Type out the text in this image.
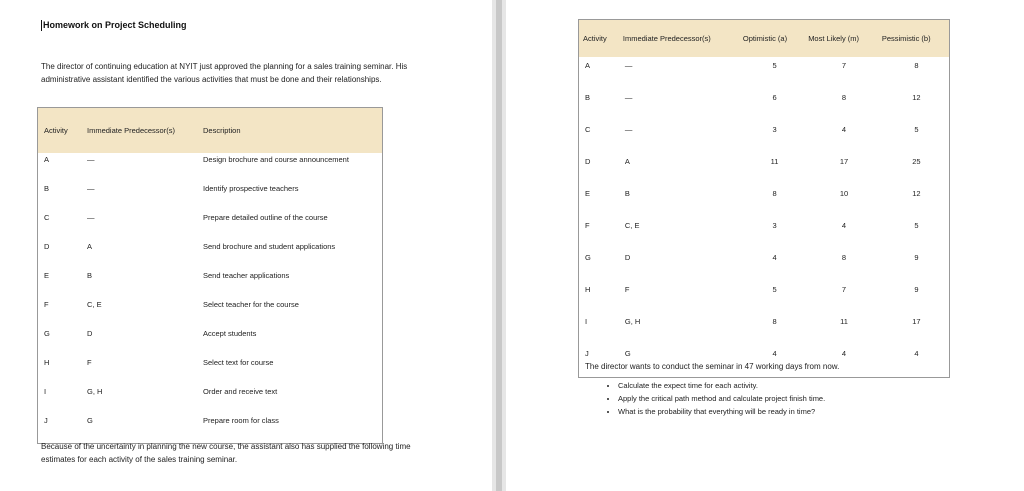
Homework on Project Scheduling
The director of continuing education at NYIT just approved the planning for a sales training seminar. His administrative assistant identified the various activities that must be done and their relationships.
Activity	Immediate Predecessor(s)	Description
A	—	Design brochure and course announcement
B	—	Identify prospective teachers
C	—	Prepare detailed outline of the course
D	A	Send brochure and student applications
E	B	Send teacher applications
F	C, E	Select teacher for the course
G	D	Accept students
H	F	Select text for course
I	G, H	Order and receive text
J	G	Prepare room for class
Because of the uncertainty in planning the new course, the assistant also has supplied the following time estimates for each activity of the sales training seminar.
Activity	Immediate Predecessor(s)	Optimistic (a)	Most Likely (m)	Pessimistic (b)
A	—	5	7	8
B	—	6	8	12
C	—	3	4	5
D	A	11	17	25
E	B	8	10	12
F	C, E	3	4	5
G	D	4	8	9
H	F	5	7	9
I	G, H	8	11	17
J	G	4	4	4
The director wants to conduct the seminar in 47 working days from now.
• Calculate the expect time for each activity.
• Apply the critical path method and calculate project finish time.
• What is the probability that everything will be ready in time?
